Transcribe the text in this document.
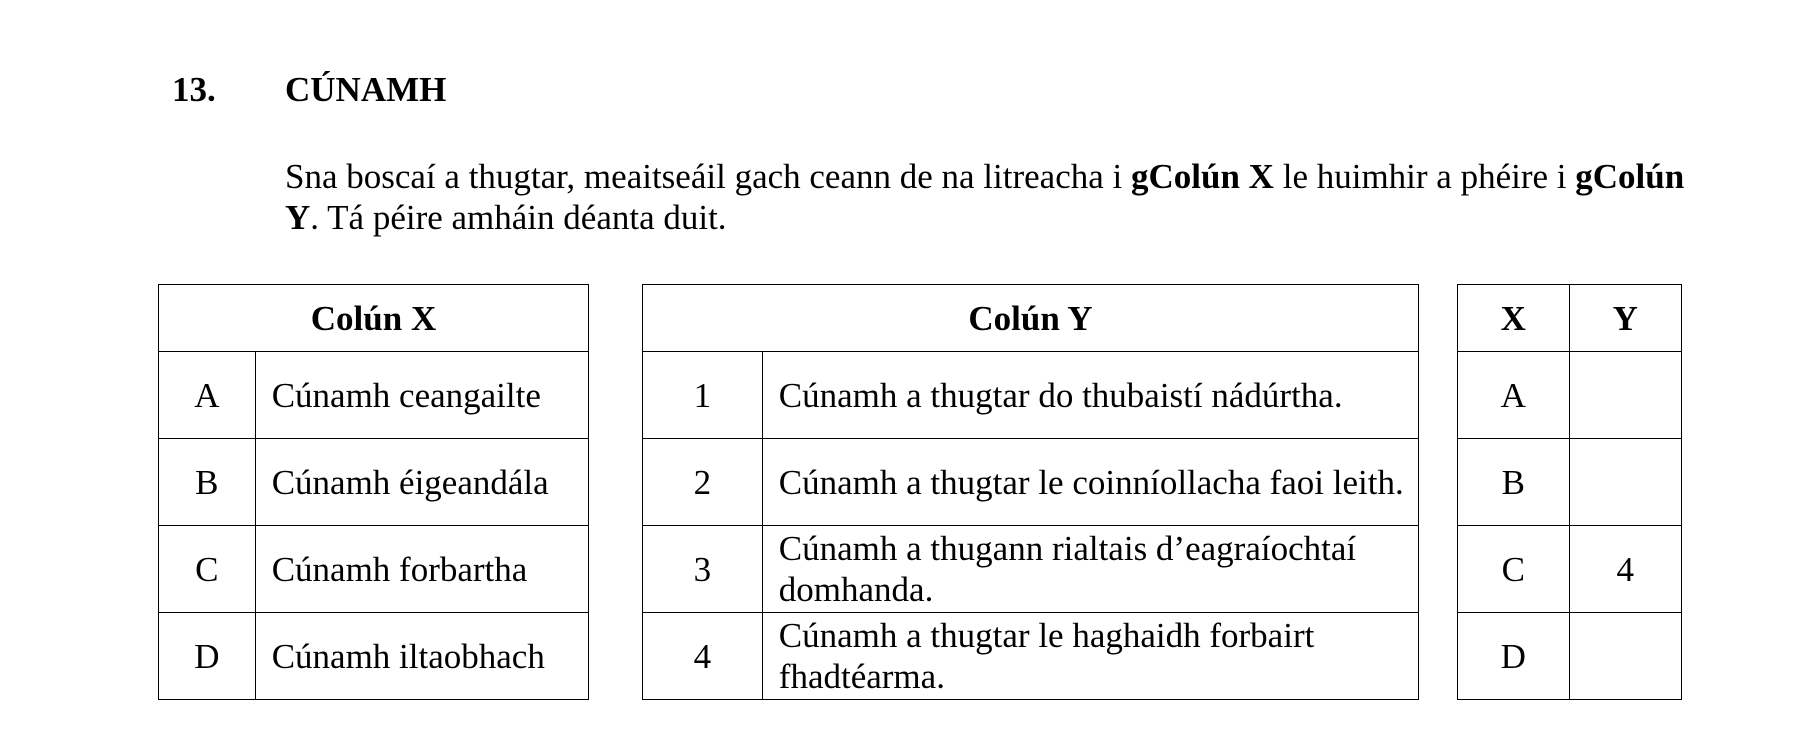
13. CÚNAMH
Sna boscaí a thugtar, meaitseáil gach ceann de na litreacha i gColún X le huimhir a phéire i gColún Y. Tá péire amháin déanta duit.
Colún X	
A	Cúnamh ceangailte
B	Cúnamh éigeandála
C	Cúnamh forbartha
D	Cúnamh iltaobhach
Colún Y	
1	Cúnamh a thugtar do thubaistí nádúrtha.
2	Cúnamh a thugtar le coinníollacha faoi leith.
3	Cúnamh a thugann rialtais d’eagraíochtaí domhanda.
4	Cúnamh a thugtar le haghaidh forbairt fhadtéarma.
X	Y
A	
B	
C	4
D	
